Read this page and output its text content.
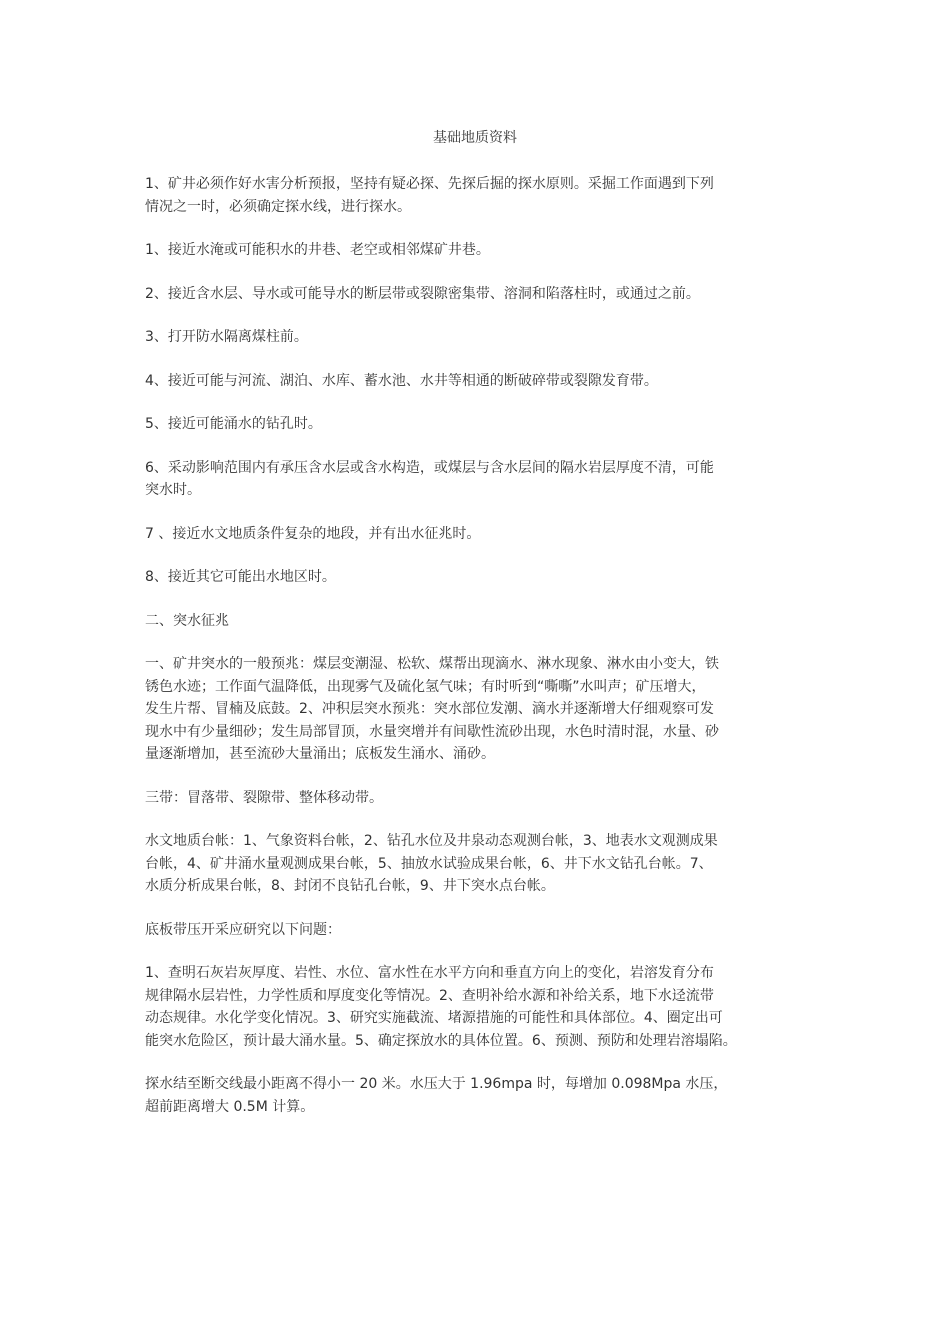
基础地质资料

1、矿井必须作好水害分析预报，坚持有疑必探、先探后掘的探水原则。采掘工作面遇到下列
情况之一时，必须确定探水线，进行探水。

1、接近水淹或可能积水的井巷、老空或相邻煤矿井巷。

2、接近含水层、导水或可能导水的断层带或裂隙密集带、溶洞和陷落柱时，或通过之前。

3、打开防水隔离煤柱前。

4、接近可能与河流、湖泊、水库、蓄水池、水井等相通的断破碎带或裂隙发育带。

5、接近可能涌水的钻孔时。

6、采动影响范围内有承压含水层或含水构造，或煤层与含水层间的隔水岩层厚度不清，可能
突水时。

7 、接近水文地质条件复杂的地段，并有出水征兆时。

8、接近其它可能出水地区时。

二、突水征兆

一、矿井突水的一般预兆：煤层变潮湿、松软、煤帮出现滴水、淋水现象、淋水由小变大，铁
锈色水迹；工作面气温降低，出现雾气及硫化氢气味；有时听到“嘶嘶”水叫声；矿压增大，
发生片帮、冒楠及底鼓。2、冲积层突水预兆：突水部位发潮、滴水并逐渐增大仔细观察可发
现水中有少量细砂；发生局部冒顶，水量突增并有间歇性流砂出现，水色时清时混，水量、砂
量逐渐增加，甚至流砂大量涌出；底板发生涌水、涌砂。

三带：冒落带、裂隙带、整体移动带。

水文地质台帐：1、气象资料台帐，2、钻孔水位及井泉动态观测台帐，3、地表水文观测成果
台帐，4、矿井涌水量观测成果台帐，5、抽放水试验成果台帐，6、井下水文钻孔台帐。7、
水质分析成果台帐，8、封闭不良钻孔台帐，9、井下突水点台帐。

底板带压开采应研究以下问题：

1、查明石灰岩灰厚度、岩性、水位、富水性在水平方向和垂直方向上的变化，岩溶发育分布
规律隔水层岩性，力学性质和厚度变化等情况。2、查明补给水源和补给关系，地下水迳流带
动态规律。水化学变化情况。3、研究实施截流、堵源措施的可能性和具体部位。4、圈定出可
能突水危险区，预计最大涌水量。5、确定探放水的具体位置。6、预测、预防和处理岩溶塌陷。

探水结至断交线最小距离不得小一 20 米。水压大于 1.96mpa 时，每增加 0.098Mpa 水压，
超前距离增大 0.5M 计算。
